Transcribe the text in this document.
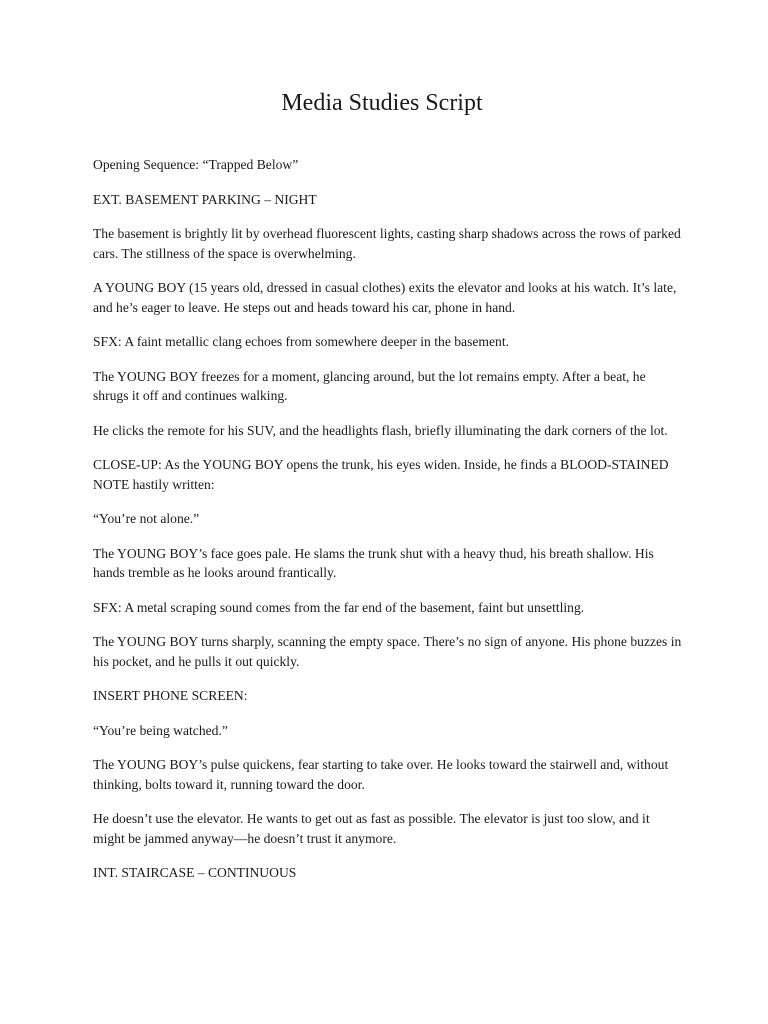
Media Studies Script

Opening Sequence: “Trapped Below”

EXT. BASEMENT PARKING – NIGHT

The basement is brightly lit by overhead fluorescent lights, casting sharp shadows across the rows of parked cars. The stillness of the space is overwhelming.

A YOUNG BOY (15 years old, dressed in casual clothes) exits the elevator and looks at his watch. It’s late, and he’s eager to leave. He steps out and heads toward his car, phone in hand.

SFX: A faint metallic clang echoes from somewhere deeper in the basement.

The YOUNG BOY freezes for a moment, glancing around, but the lot remains empty. After a beat, he shrugs it off and continues walking.

He clicks the remote for his SUV, and the headlights flash, briefly illuminating the dark corners of the lot.

CLOSE-UP: As the YOUNG BOY opens the trunk, his eyes widen. Inside, he finds a BLOOD-STAINED NOTE hastily written:

“You’re not alone.”

The YOUNG BOY’s face goes pale. He slams the trunk shut with a heavy thud, his breath shallow. His hands tremble as he looks around frantically.

SFX: A metal scraping sound comes from the far end of the basement, faint but unsettling.

The YOUNG BOY turns sharply, scanning the empty space. There’s no sign of anyone. His phone buzzes in his pocket, and he pulls it out quickly.

INSERT PHONE SCREEN:

“You’re being watched.”

The YOUNG BOY’s pulse quickens, fear starting to take over. He looks toward the stairwell and, without thinking, bolts toward it, running toward the door.

He doesn’t use the elevator. He wants to get out as fast as possible. The elevator is just too slow, and it might be jammed anyway—he doesn’t trust it anymore.

INT. STAIRCASE – CONTINUOUS
